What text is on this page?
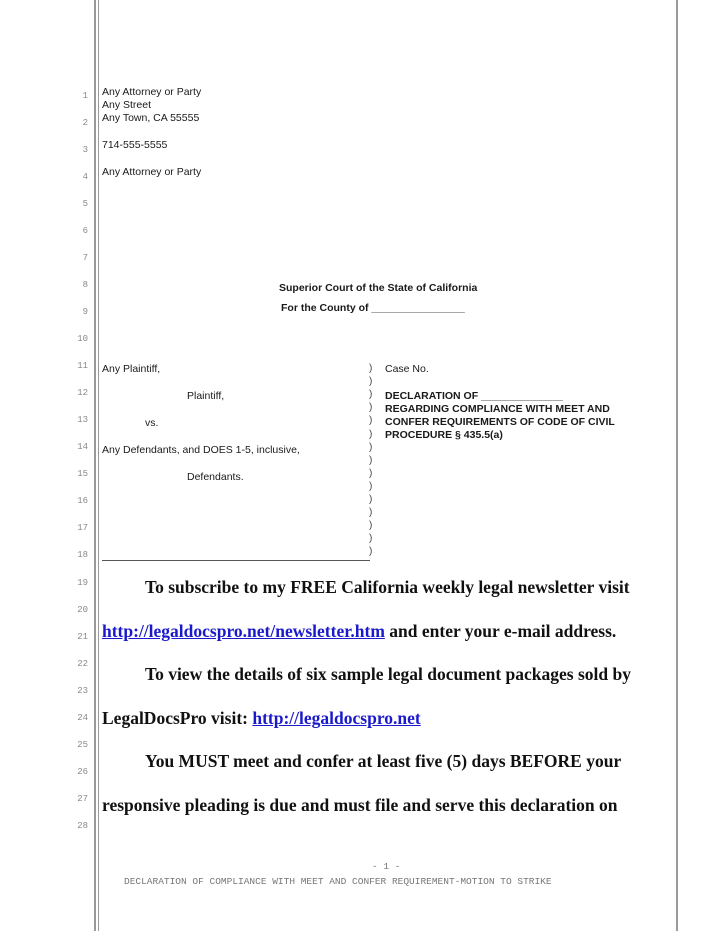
1
2
3
4
5
6
7
8
9
10
11
12
13
14
15
16
17
18
19
20
21
22
23
24
25
26
27
28
Any Attorney or Party
Any Street
Any Town, CA 55555
714-555-5555
Any Attorney or Party
Superior Court of the State of California
For the County of ________________
Any Plaintiff,
Plaintiff,
vs.
Any Defendants, and DOES 1-5, inclusive,
Defendants.
)
)
)
)
)
)
)
)
)
)
)
)
)
)
)
Case No.
DECLARATION OF ______________
REGARDING COMPLIANCE WITH MEET AND
CONFER REQUIREMENTS OF CODE OF CIVIL
PROCEDURE § 435.5(a)
To subscribe to my FREE California weekly legal newsletter visit
http://legaldocspro.net/newsletter.htm and enter your e-mail address.
To view the details of six sample legal document packages sold by
LegalDocsPro visit: http://legaldocspro.net
You MUST meet and confer at least five (5) days BEFORE your
responsive pleading is due and must file and serve this declaration on
- 1 -
DECLARATION OF COMPLIANCE WITH MEET AND CONFER REQUIREMENT-MOTION TO STRIKE
